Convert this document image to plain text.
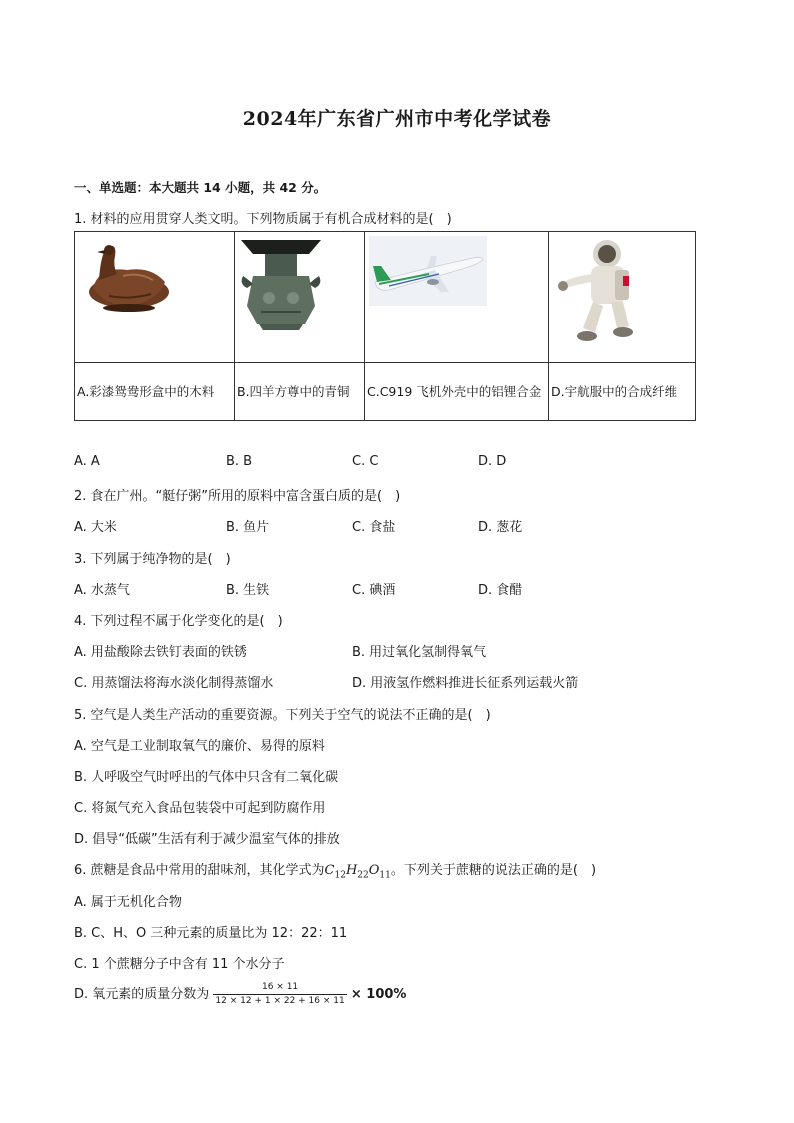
2024年广东省广州市中考化学试卷
一、单选题：本大题共 14 小题，共 42 分。
1. 材料的应用贯穿人类文明。下列物质属于有机合成材料的是(　)

A.彩漆鸳鸯形盒中的木料	B.四羊方尊中的青铜	C.C919 飞机外壳中的铝锂合金	D.宇航服中的合成纤维
A. A	B. B	C. C	D. D
2. 食在广州。“艇仔粥”所用的原料中富含蛋白质的是(　)
A. 大米	B. 鱼片	C. 食盐	D. 葱花
3. 下列属于纯净物的是(　)
A. 水蒸气	B. 生铁	C. 碘酒	D. 食醋
4. 下列过程不属于化学变化的是(　)
A. 用盐酸除去铁钉表面的铁锈	B. 用过氧化氢制得氧气
C. 用蒸馏法将海水淡化制得蒸馏水	D. 用液氢作燃料推进长征系列运载火箭
5. 空气是人类生产活动的重要资源。下列关于空气的说法不正确的是(　)
A. 空气是工业制取氧气的廉价、易得的原料
B. 人呼吸空气时呼出的气体中只含有二氧化碳
C. 将氮气充入食品包装袋中可起到防腐作用
D. 倡导“低碳”生活有利于减少温室气体的排放
6. 蔗糖是食品中常用的甜味剂，其化学式为$C_{12}H_{22}O_{11}$。下列关于蔗糖的说法正确的是(　)
A. 属于无机化合物
B. C、H、O 三种元素的质量比为 12：22：11
C. 1 个蔗糖分子中含有 11 个水分子
D. 氧元素的质量分数为 $\frac{16 \times 11}{12 \times 12 + 1 \times 22 + 16 \times 11} \times 100\%$
